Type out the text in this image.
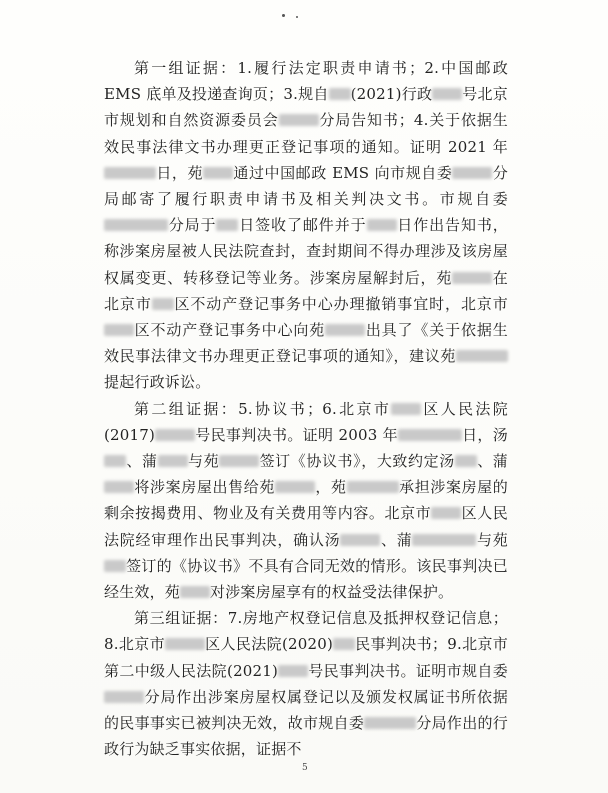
第一组证据：1.履行法定职责申请书；2.中国邮政 EMS 底单及投递查询页；3.规自 (2021)行政 号北京市规划和自然资源委员会	分局告知书；4.关于依据生效民事法律文书办理更正登记事项的通知。证明 2021 年日，苑 通过中国邮政 EMS 向市规自委	分局邮寄了履行职责申请书及相关判决文书。市规自委分局于 日签收了邮件并于 日作出告知书，称涉案房屋被人民法院查封，查封期间不得办理涉及该房屋权属变更、转移登记等业务。涉案房屋解封后，苑	在北京市 区不动产登记事务中心办理撤销事宜时，北京市区不动产登记事务中心向苑	出具了《关于依据生效民事法律文书办理更正登记事项的通知》，建议苑提起行政诉讼。

第二组证据：5.协议书；6.北京市 区人民法院(2017)	号民事判决书。证明 2003 年	日，汤、蒲 与苑	签订《协议书》，大致约定汤 、蒲将涉案房屋出售给苑	，苑	承担涉案房屋的剩余按揭费用、物业及有关费用等内容。北京市 区人民法院经审理作出民事判决，确认汤	、蒲	与苑签订的《协议书》不具有合同无效的情形。该民事判决已经生效，苑 对涉案房屋享有的权益受法律保护。

第三组证据：7.房地产权登记信息及抵押权登记信息；8.北京市	区人民法院(2020) 民事判决书；9.北京市第二中级人民法院(2021) 号民事判决书。证明市规自委分局作出涉案房屋权属登记以及颁发权属证书所依据的民事事实已被判决无效，故市规自委	分局作出的行政行为缺乏事实依据，证据不

5
